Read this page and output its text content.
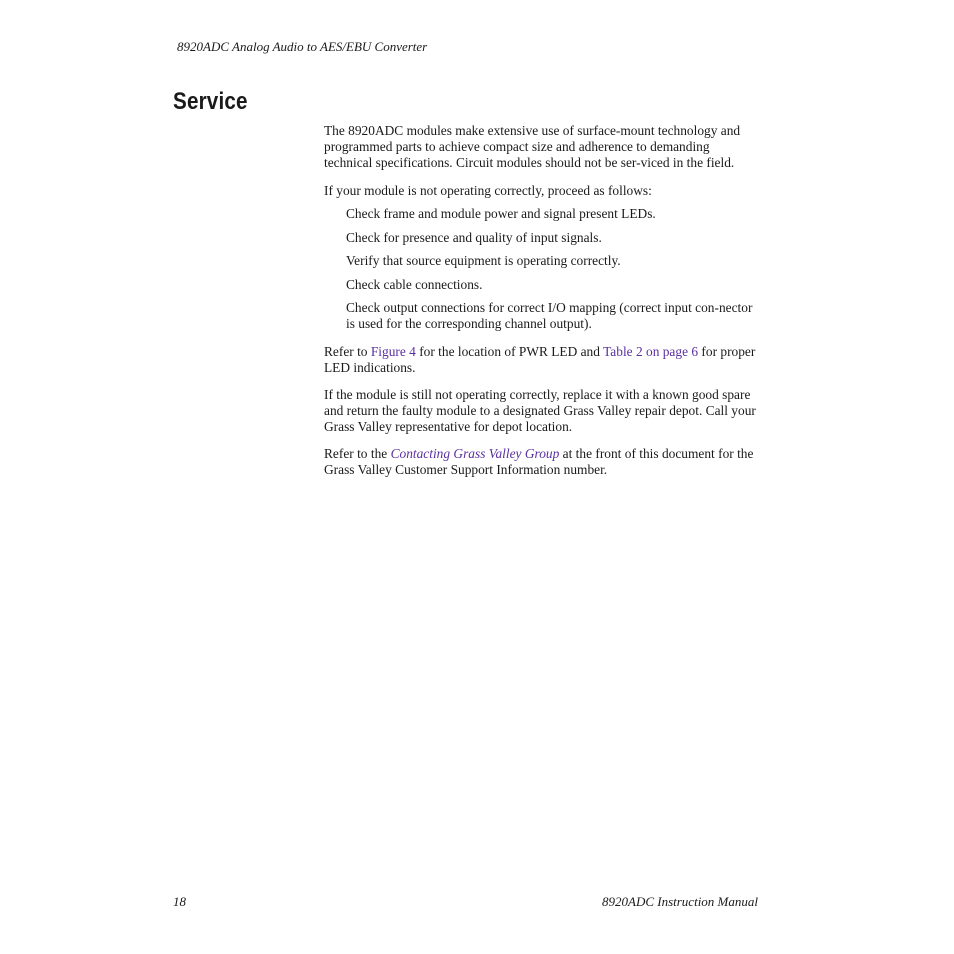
8920ADC Analog Audio to AES/EBU Converter
Service

The 8920ADC modules make extensive use of surface-mount technology and programmed parts to achieve compact size and adherence to demanding technical specifications. Circuit modules should not be ser-viced in the field.

If your module is not operating correctly, proceed as follows:

Check frame and module power and signal present LEDs.
Check for presence and quality of input signals.
Verify that source equipment is operating correctly.
Check cable connections.
Check output connections for correct I/O mapping (correct input con-nector is used for the corresponding channel output).

Refer to Figure 4 for the location of PWR LED and Table 2 on page 6 for proper LED indications.

If the module is still not operating correctly, replace it with a known good spare and return the faulty module to a designated Grass Valley repair depot. Call your Grass Valley representative for depot location.

Refer to the Contacting Grass Valley Group at the front of this document for the Grass Valley Customer Support Information number.

18	8920ADC Instruction Manual
